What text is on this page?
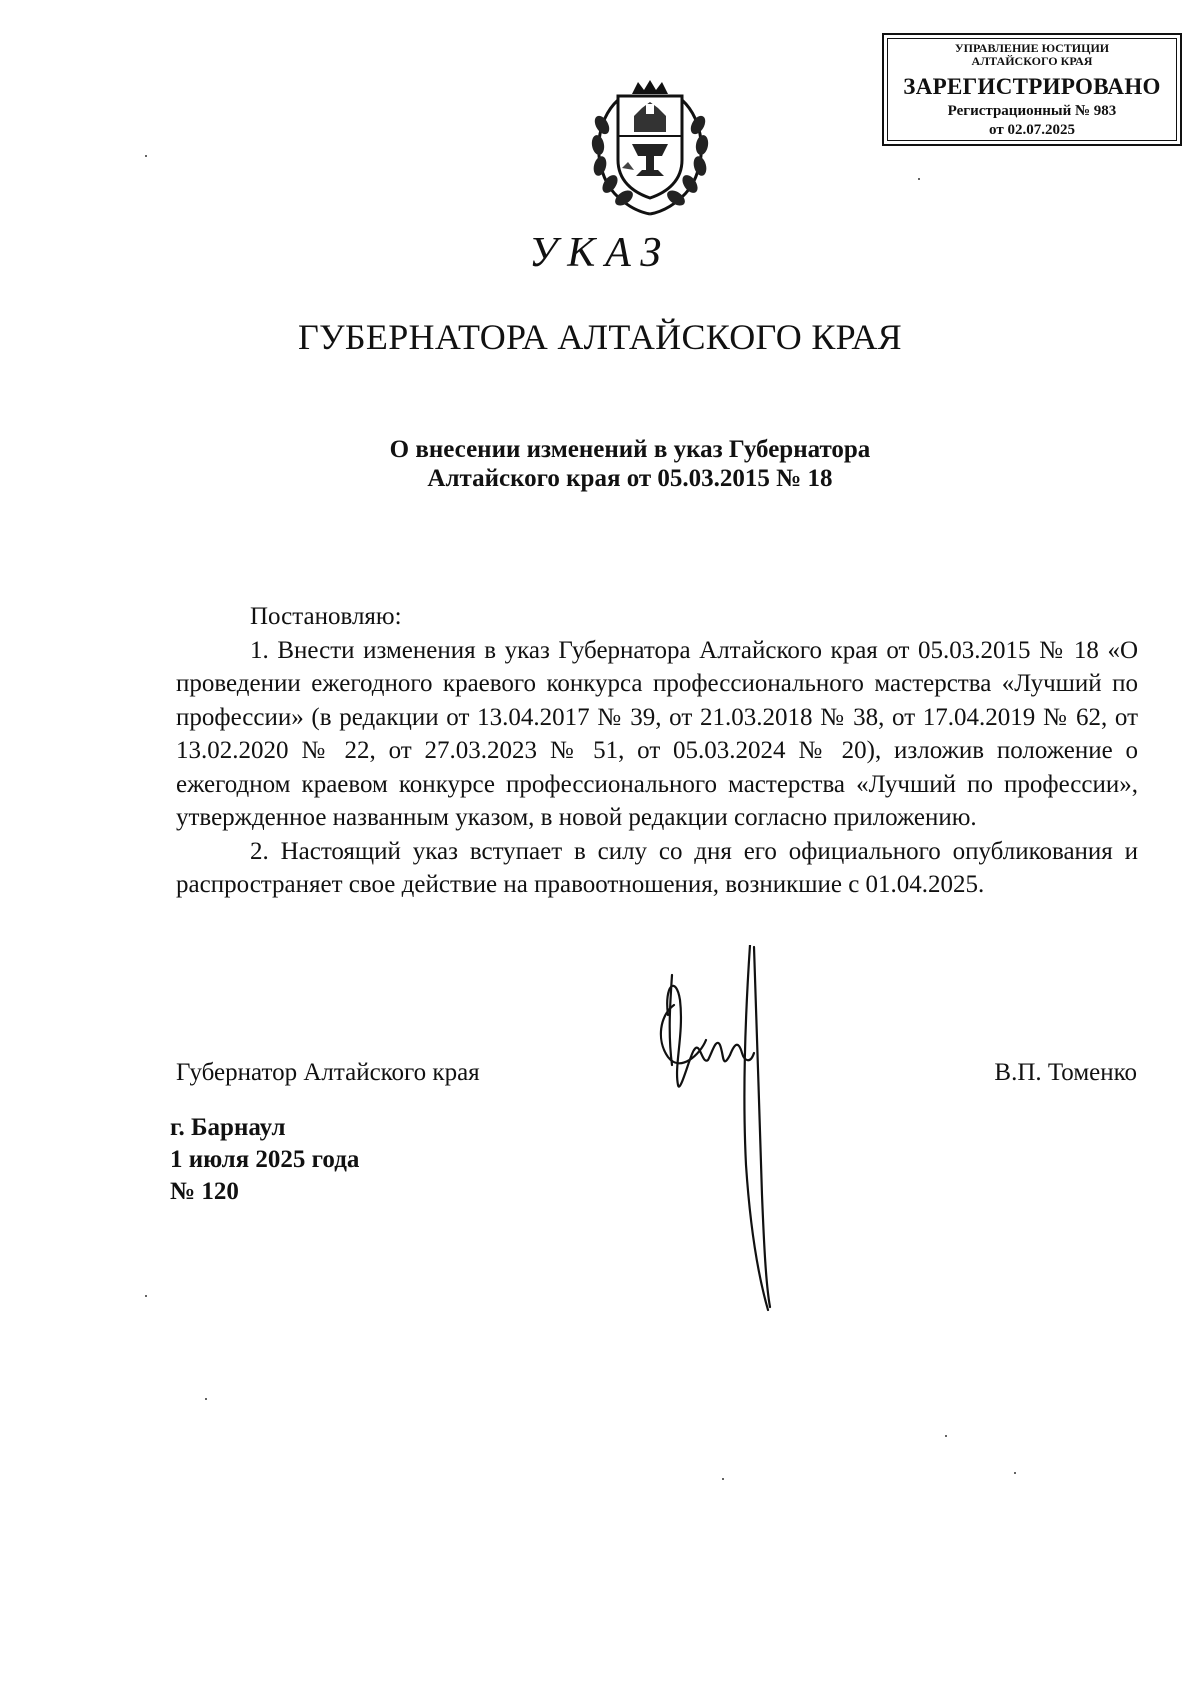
УПРАВЛЕНИЕ ЮСТИЦИИ
АЛТАЙСКОГО КРАЯ
ЗАРЕГИСТРИРОВАНО
Регистрационный № 983
от 02.07.2025
УКАЗ
ГУБЕРНАТОРА АЛТАЙСКОГО КРАЯ
О внесении изменений в указ Губернатора
Алтайского края от 05.03.2015 № 18

Постановляю:

1. Внести изменения в указ Губернатора Алтайского края от 05.03.2015 № 18 «О проведении ежегодного краевого конкурса профессионального мастерства «Лучший по профессии» (в редакции от 13.04.2017 № 39, от 21.03.2018 № 38, от 17.04.2019 № 62, от 13.02.2020 № 22, от 27.03.2023 № 51, от 05.03.2024 № 20), изложив положение о ежегодном краевом конкурсе профессионального мастерства «Лучший по профессии», утвержденное названным указом, в новой редакции согласно приложению.

2. Настоящий указ вступает в силу со дня его официального опубликования и распространяет свое действие на правоотношения, возникшие с 01.04.2025.

Губернатор Алтайского края	В.П. Томенко
г. Барнаул
1 июля 2025 года
№ 120
